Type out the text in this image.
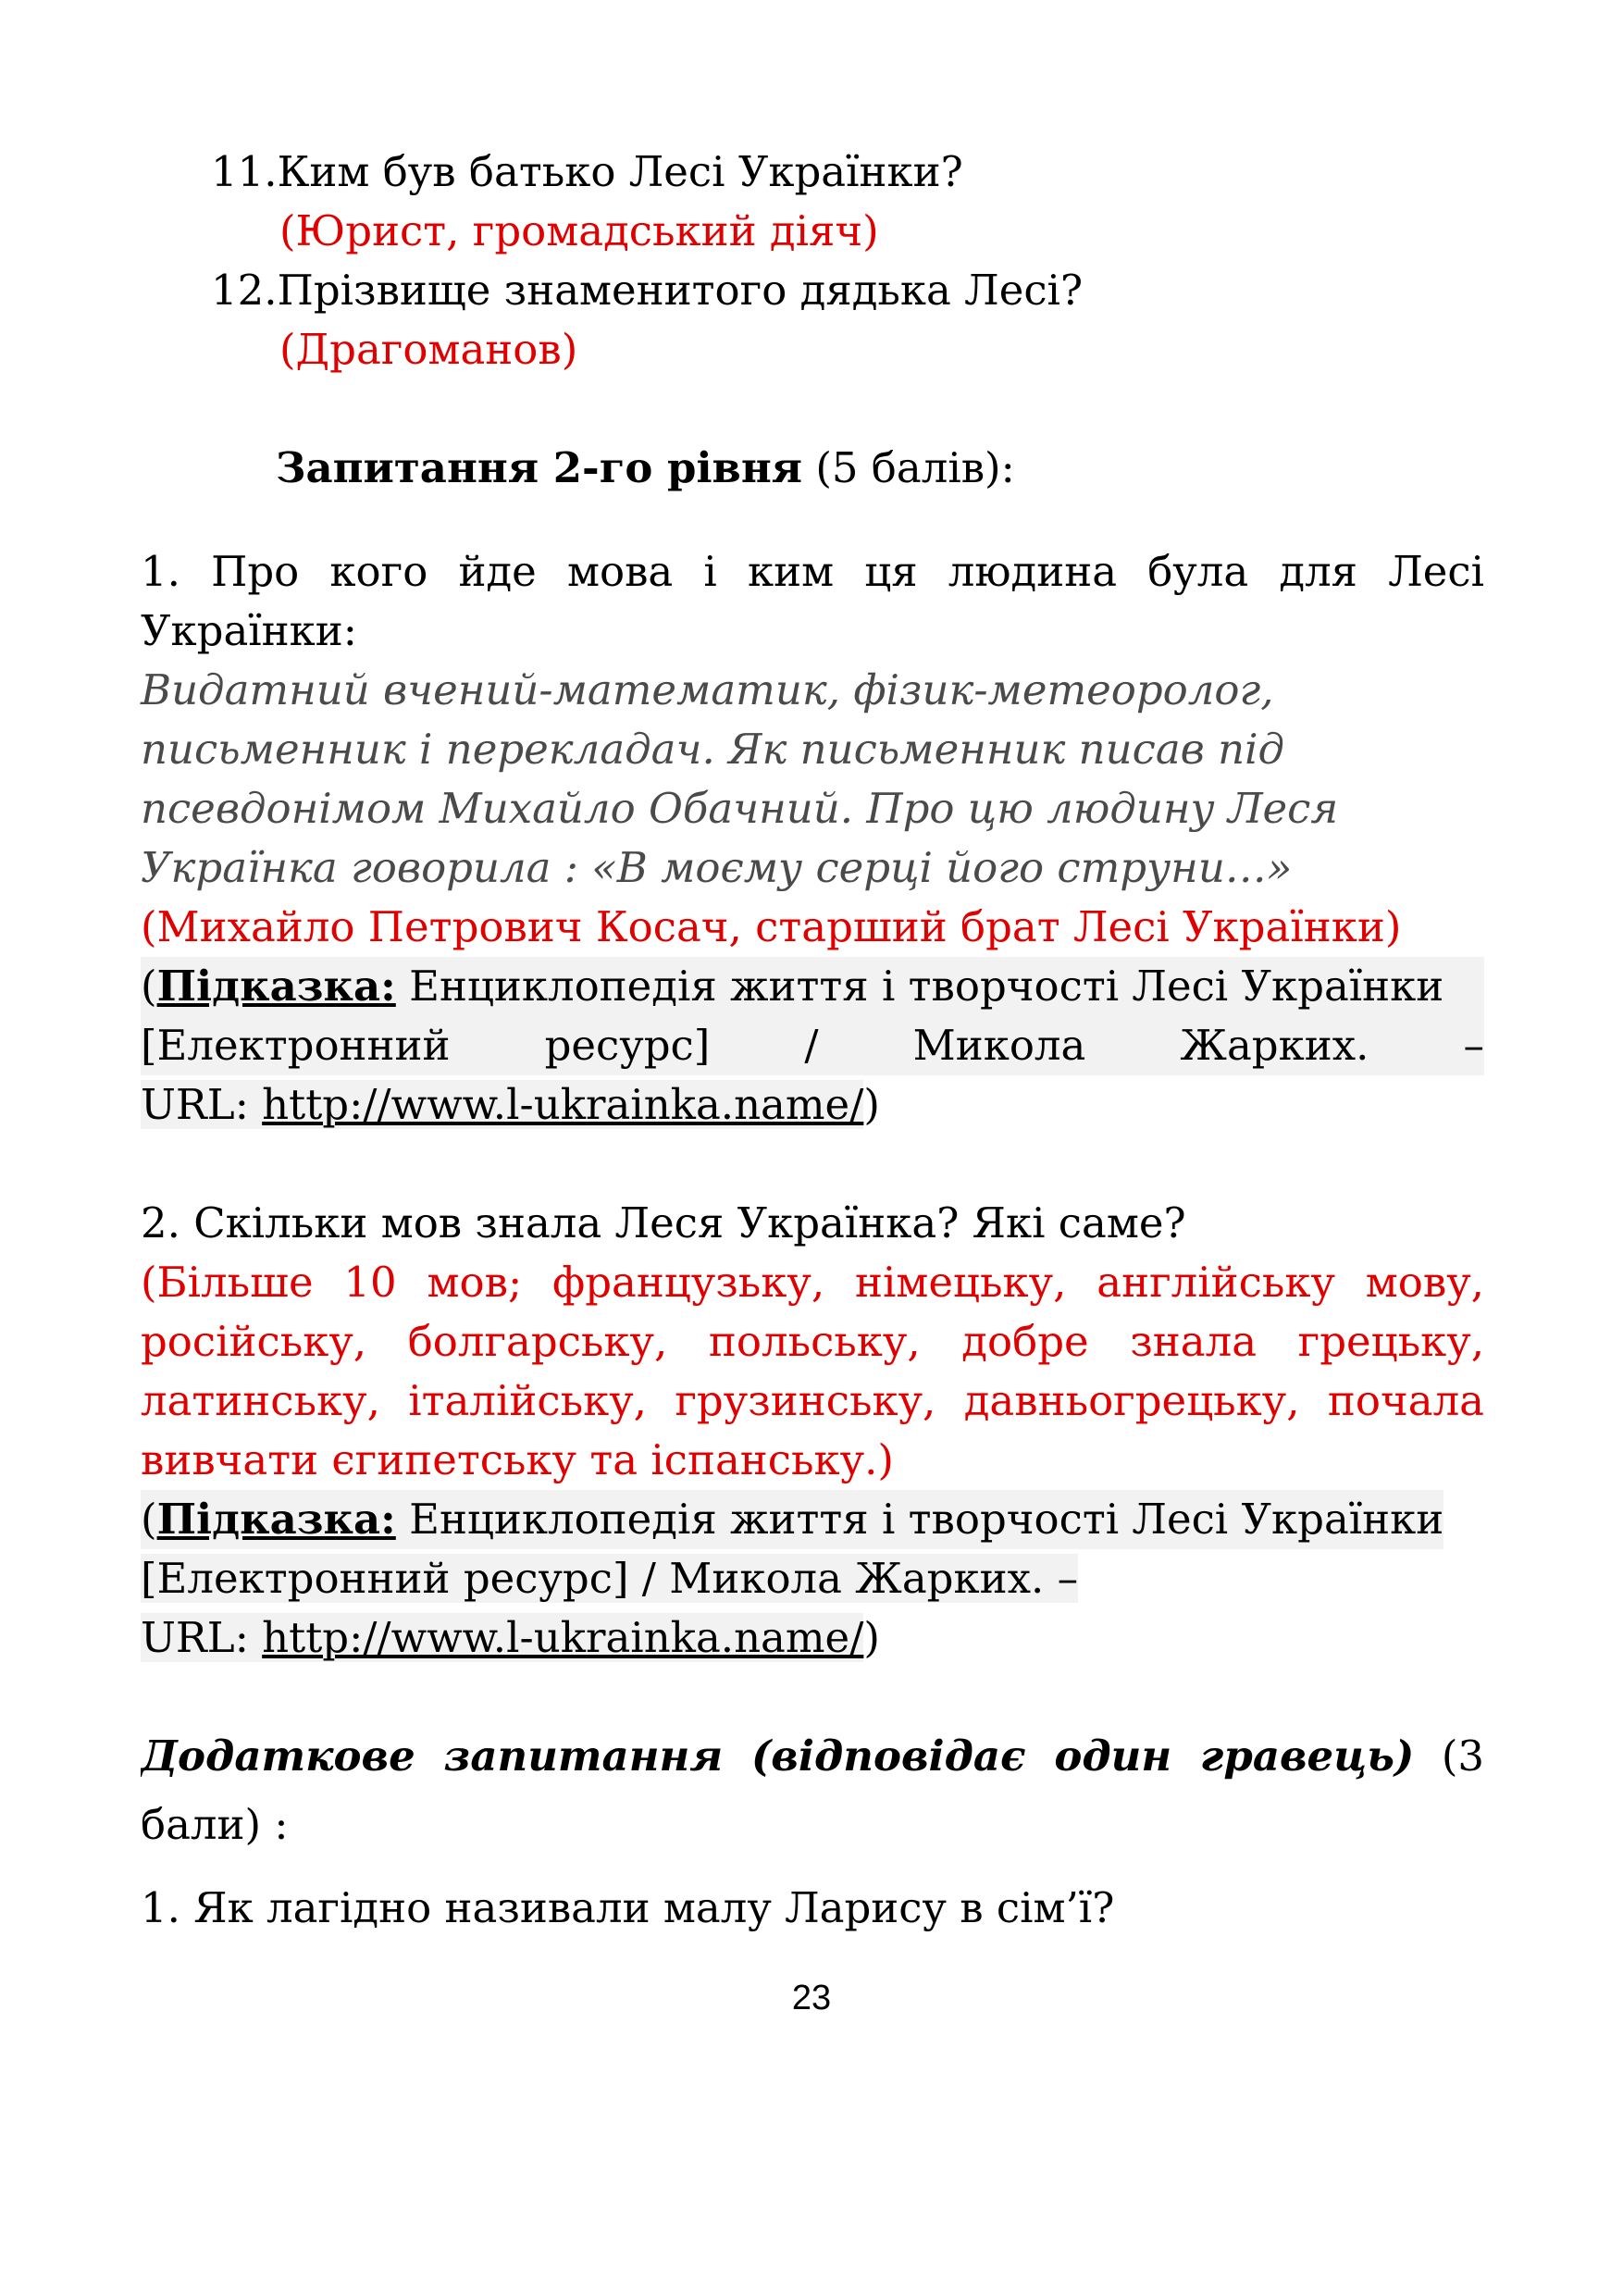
11.Ким був батько Лесі Українки?
(Юрист, громадський діяч)
12.Прізвище знаменитого дядька Лесі?
(Драгоманов)
Запитання 2-го рівня (5 балів):
1. Про кого йде мова і ким ця людина була для Лесі
Українки:
Видатний вчений-математик, фізик-метеоролог,
письменник і перекладач. Як письменник писав під
псевдонімом Михайло Обачний. Про цю людину Леся
Українка говорила : «В моєму серці його струни…»
(Михайло Петрович Косач, старший брат Лесі Українки)
(Підказка: Енциклопедія життя і творчості Лесі Українки
[Електронний ресурс] / Микола Жарких. –
URL: http://www.l-ukrainka.name/)
2. Скільки мов знала Леся Українка? Які саме?
(Більше 10 мов; французьку, німецьку, англійську мову,
російську, болгарську, польську, добре знала грецьку,
латинську, італійську, грузинську, давньогрецьку, почала
вивчати єгипетську та іспанську.)
(Підказка: Енциклопедія життя і творчості Лесі Українки
[Електронний ресурс] / Микола Жарких. –
URL: http://www.l-ukrainka.name/)
Додаткове запитання (відповідає один гравець) (3
бали) :
1. Як лагідно називали малу Ларису в сім’ї?
23
